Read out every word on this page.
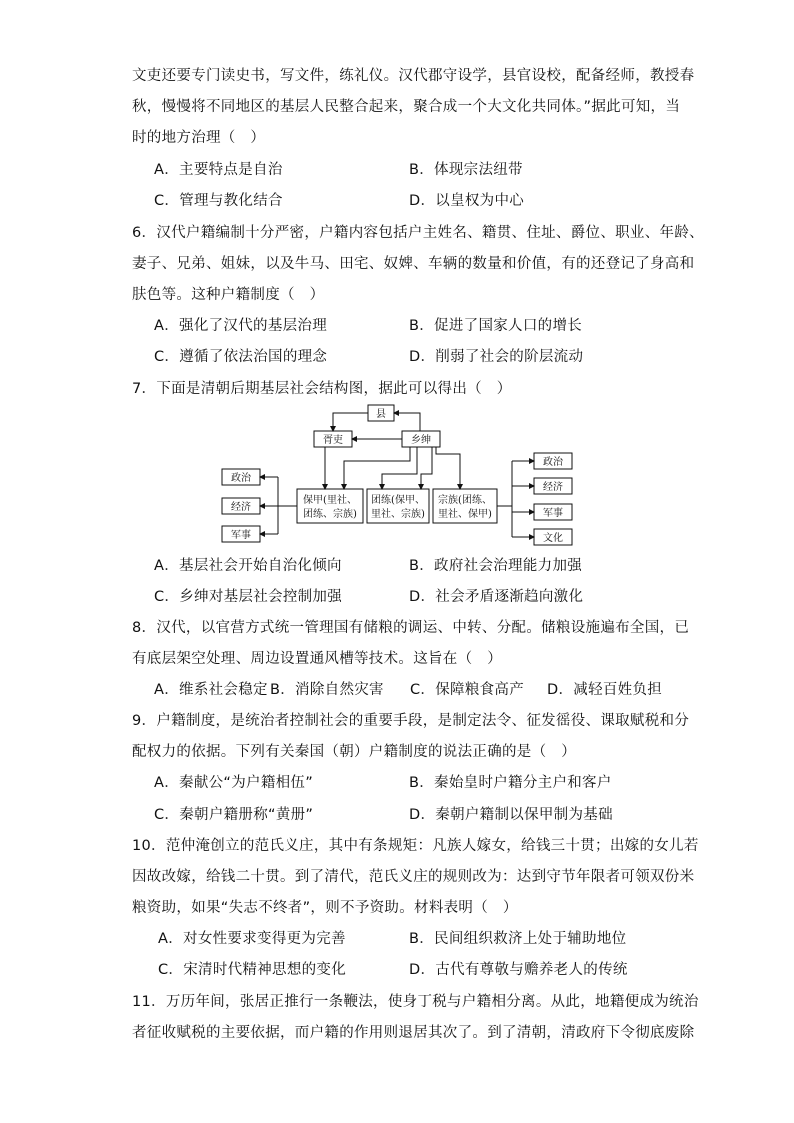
文吏还要专门读史书，写文件，练礼仪。汉代郡守设学，县官设校，配备经师，教授春
秋，慢慢将不同地区的基层人民整合起来，聚合成一个大文化共同体。”据此可知，当
时的地方治理（　）
A．主要特点是自治	B．体现宗法纽带
C．管理与教化结合	D．以皇权为中心
6．汉代户籍编制十分严密，户籍内容包括户主姓名、籍贯、住址、爵位、职业、年龄、
妻子、兄弟、姐妹，以及牛马、田宅、奴婢、车辆的数量和价值，有的还登记了身高和
肤色等。这种户籍制度（　）
A．强化了汉代的基层治理	B．促进了国家人口的增长
C．遵循了依法治国的理念	D．削弱了社会的阶层流动
7．下面是清朝后期基层社会结构图，据此可以得出（　）
县
胥吏	乡绅
保甲(里社、
团练、宗族)
团练(保甲、
里社、宗族)
宗族(团练、
里社、保甲)
政治
经济
军事
政治
经济
军事
文化
A．基层社会开始自治化倾向	B．政府社会治理能力加强
C．乡绅对基层社会控制加强	D．社会矛盾逐渐趋向激化
8．汉代，以官营方式统一管理国有储粮的调运、中转、分配。储粮设施遍布全国，已
有底层架空处理、周边设置通风槽等技术。这旨在（　）
A．维系社会稳定 B．消除自然灾害 C．保障粮食高产 D．减轻百姓负担
9．户籍制度，是统治者控制社会的重要手段，是制定法令、征发徭役、课取赋税和分
配权力的依据。下列有关秦国（朝）户籍制度的说法正确的是（　）
A．秦献公“为户籍相伍”	B．秦始皇时户籍分主户和客户
C．秦朝户籍册称“黄册”	D．秦朝户籍制以保甲制为基础
10．范仲淹创立的范氏义庄，其中有条规矩：凡族人嫁女，给钱三十贯；出嫁的女儿若
因故改嫁，给钱二十贯。到了清代，范氏义庄的规则改为：达到守节年限者可领双份米
粮资助，如果“失志不终者”，则不予资助。材料表明（　）
A．对女性要求变得更为完善	B．民间组织救济上处于辅助地位
C．宋清时代精神思想的变化	D．古代有尊敬与赡养老人的传统
11．万历年间，张居正推行一条鞭法，使身丁税与户籍相分离。从此，地籍便成为统治
者征收赋税的主要依据，而户籍的作用则退居其次了。到了清朝，清政府下令彻底废除
